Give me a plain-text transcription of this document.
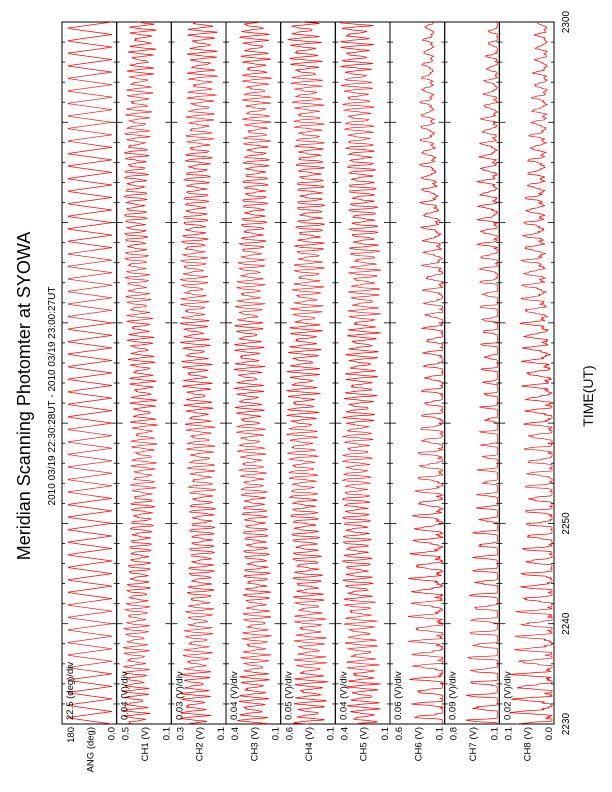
Meridian Scanning Photomter at SYOWA 2010 03/19 22:30:28UT - 2010 03/19 23:00:27UT	TIME(UT)
22.5 (deg)/div
180	0.0
ANG (deg)
0.04 (V)/div
0.5	0.1
CH1 (V)
0.03 (V)/div
0.3	0.1
CH2 (V)
0.04 (V)/div
0.4	0.1
CH3 (V)
0.05 (V)/div
0.6	0.1
CH4 (V)
0.04 (V)/div
0.4	0.1
CH5 (V)
0.06 (V)/div
0.6	0.1
CH6 (V)
0.09 (V)/div
0.8	0.1
CH7 (V)
0.02 (V)/div
0.1	0.0
CH8 (V)
2230
2240
2250
2300
